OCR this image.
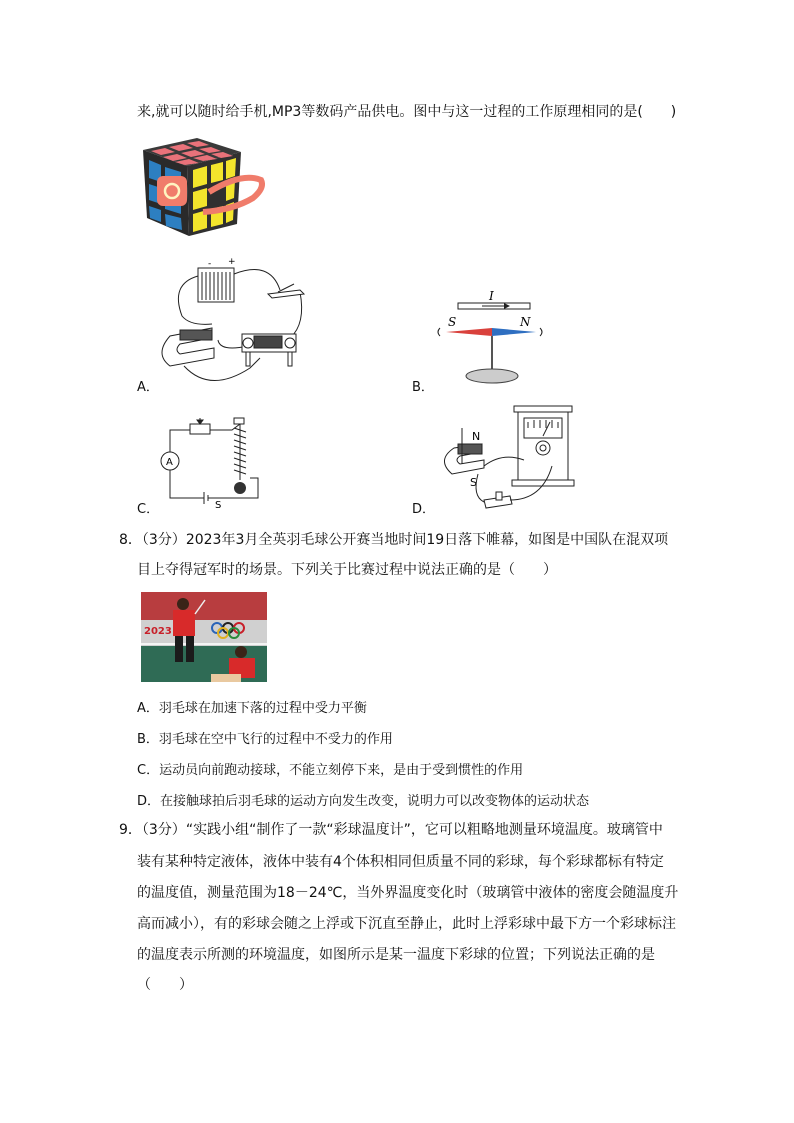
来,就可以随时给手机,MP3等数码产品供电。图中与这一过程的工作原理相同的是(　　)
+
-
A．
I
S	N
B．
A
S
C．
N
S
D．
8．（3分）2023年3月全英羽毛球公开赛当地时间19日落下帷幕，如图是中国队在混双项
目上夺得冠军时的场景。下列关于比赛过程中说法正确的是（　　）
2023
A．羽毛球在加速下落的过程中受力平衡
B．羽毛球在空中飞行的过程中不受力的作用
C．运动员向前跑动接球，不能立刻停下来，是由于受到惯性的作用
D．在接触球拍后羽毛球的运动方向发生改变，说明力可以改变物体的运动状态
9．（3分）“实践小组“制作了一款“彩球温度计”，它可以粗略地测量环境温度。玻璃管中
装有某种特定液体，液体中装有4个体积相同但质量不同的彩球，每个彩球都标有特定
的温度值，测量范围为18－24℃，当外界温度变化时（玻璃管中液体的密度会随温度升
高而减小），有的彩球会随之上浮或下沉直至静止，此时上浮彩球中最下方一个彩球标注
的温度表示所测的环境温度，如图所示是某一温度下彩球的位置；下列说法正确的是
（　　）
